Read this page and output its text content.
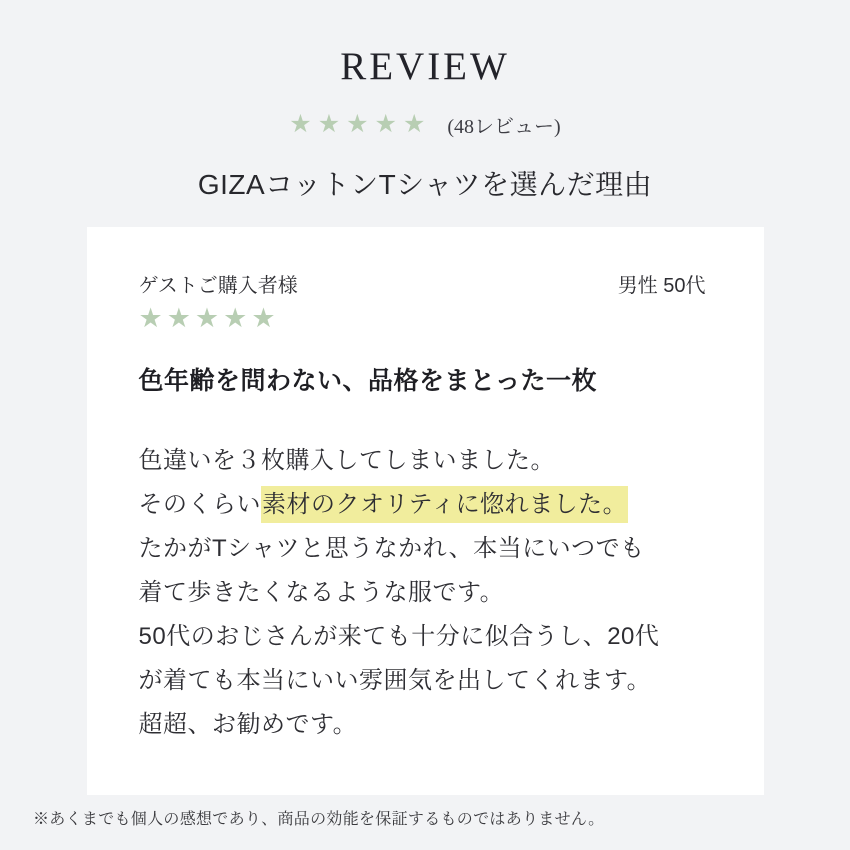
REVIEW
★★★★★ (48レビュー)
GIZAコットンTシャツを選んだ理由
ゲストご購入者様	男性 50代
★★★★★
色年齢を問わない、品格をまとった一枚

色違いを３枚購入してしまいました。

そのくらい素材のクオリティに惚れました。

たかがTシャツと思うなかれ、本当にいつでも

着て歩きたくなるような服です。

50代のおじさんが来ても十分に似合うし、20代

が着ても本当にいい雰囲気を出してくれます。

超超、お勧めです。

※あくまでも個人の感想であり、商品の効能を保証するものではありません。
